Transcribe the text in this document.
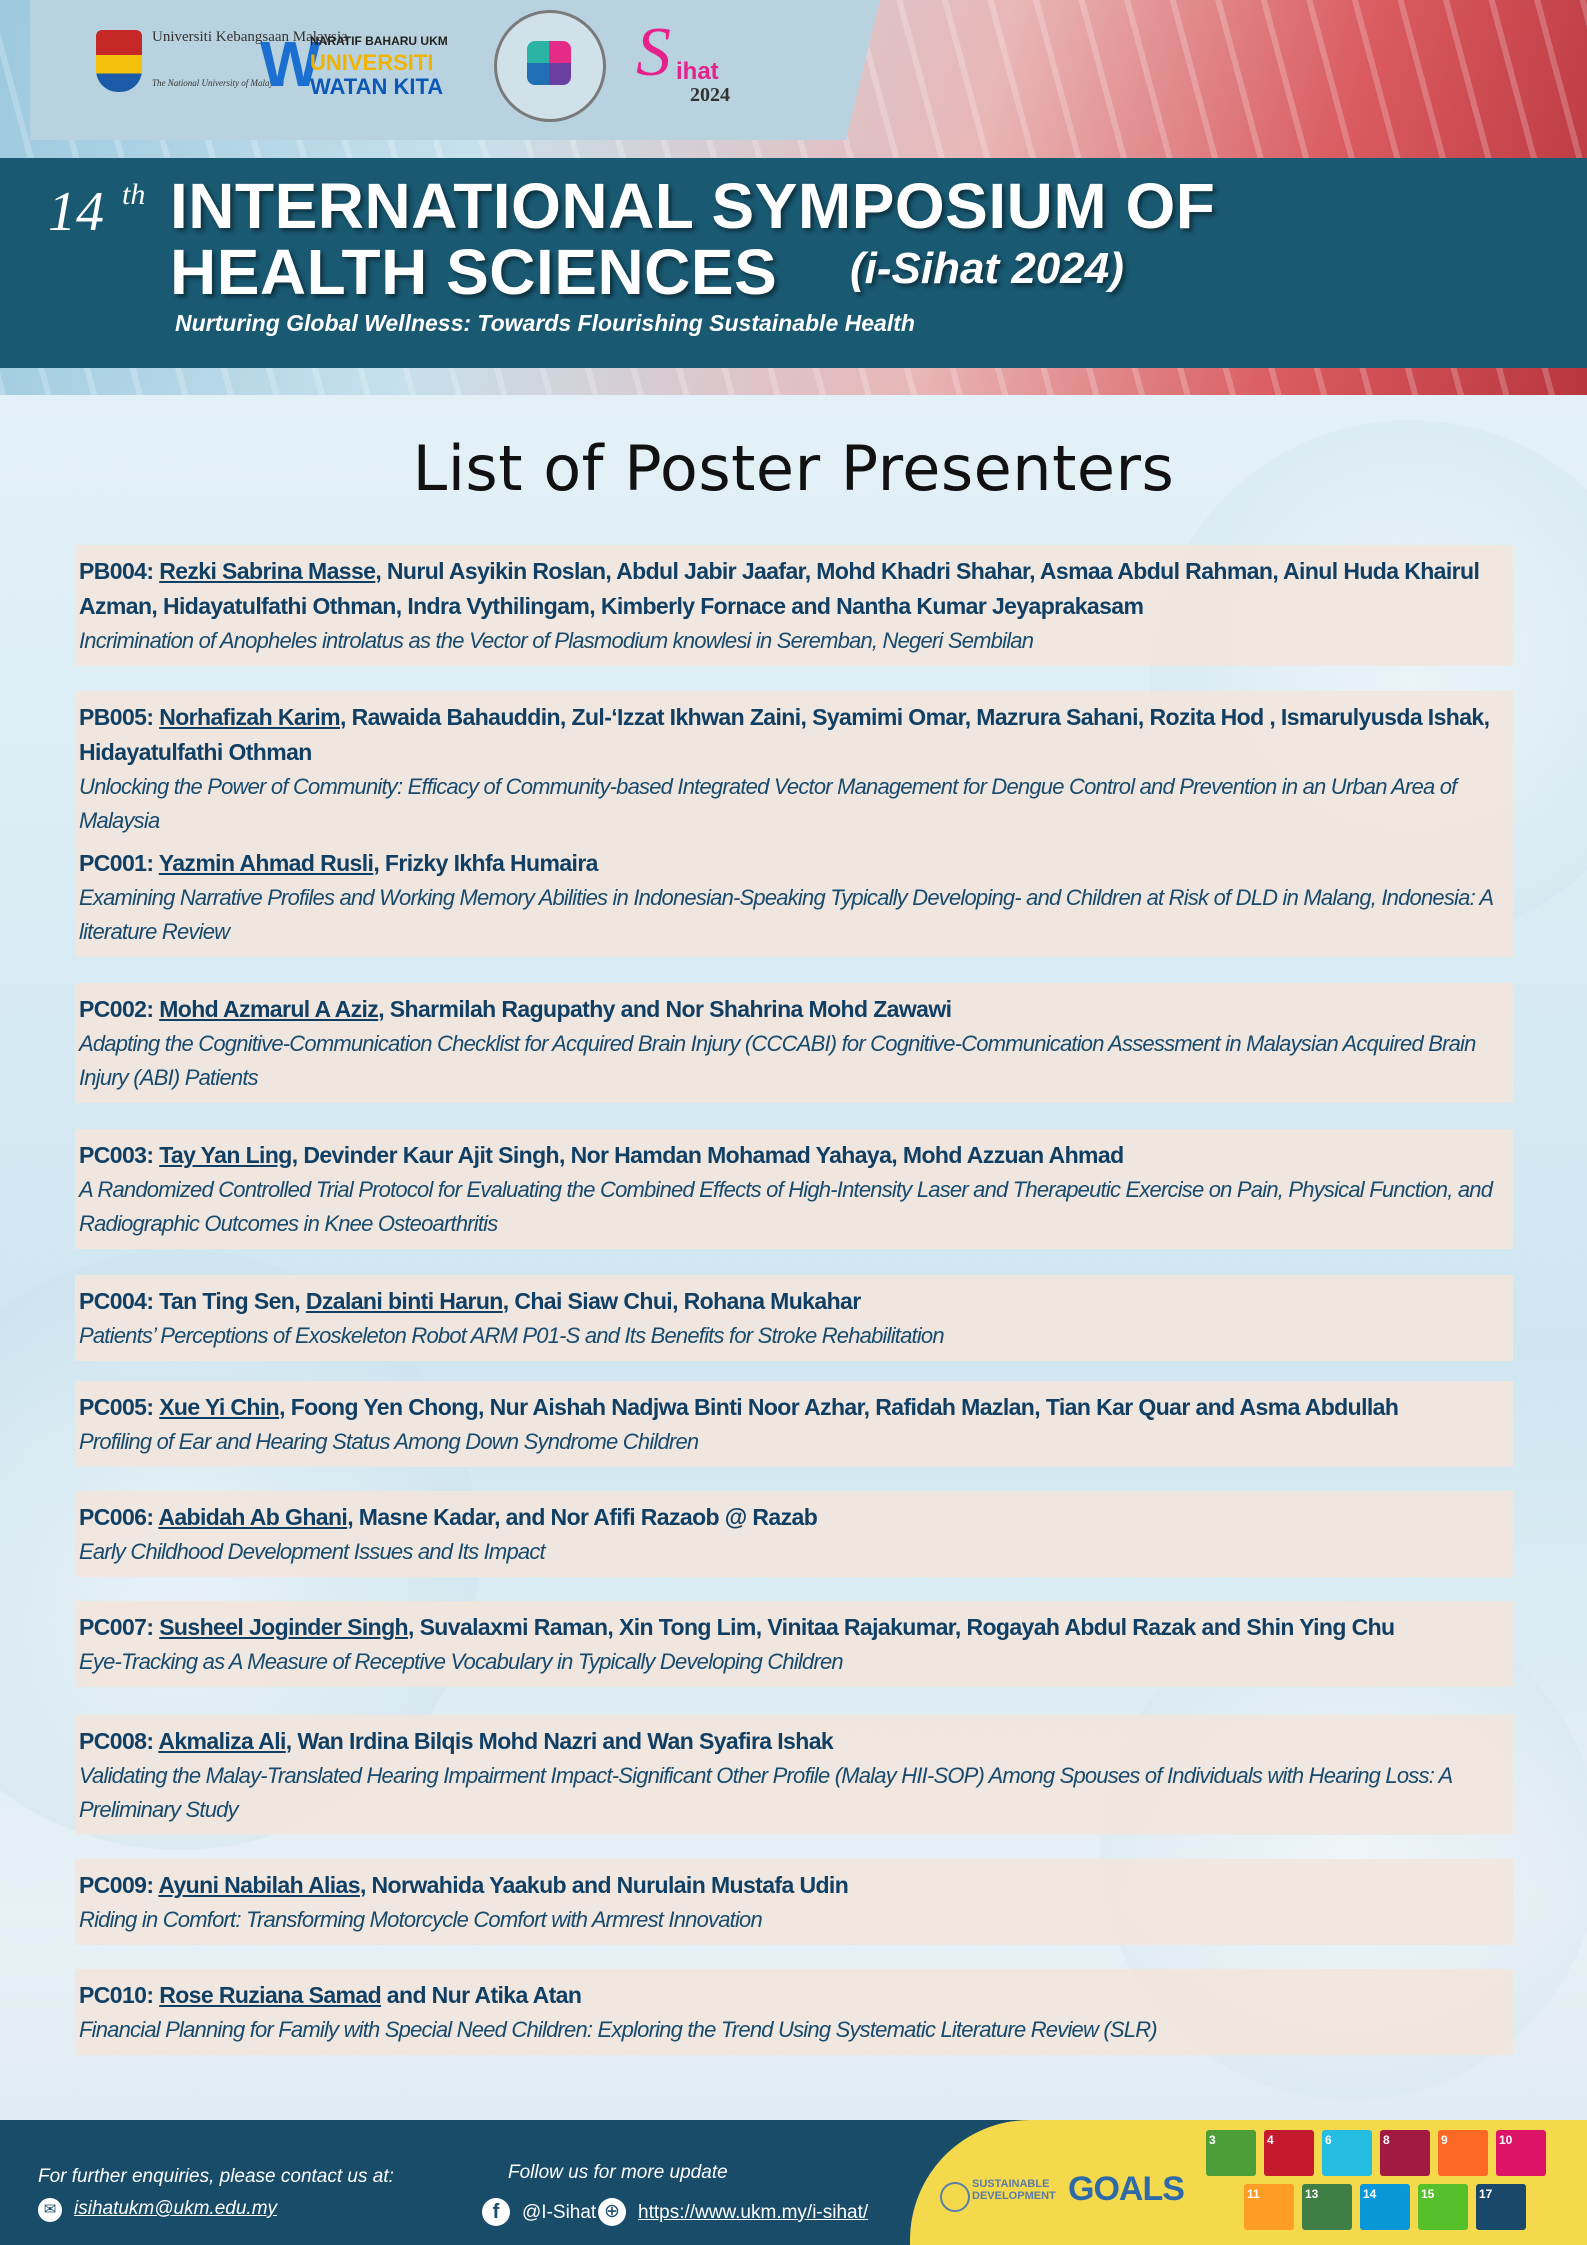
Universiti Kebangsaan Malaysia
The National University of Malaysia
W
NARATIF BAHARU UKM
UNIVERSITI
WATAN KITA	S ihat
2024
14 th INTERNATIONAL SYMPOSIUM OF
HEALTH SCIENCES (i-Sihat 2024)
Nurturing Global Wellness: Towards Flourishing Sustainable Health
List of Poster Presenters
PB004: Rezki Sabrina Masse, Nurul Asyikin Roslan, Abdul Jabir Jaafar, Mohd Khadri Shahar, Asmaa Abdul Rahman, Ainul Huda Khairul Azman, Hidayatulfathi Othman, Indra Vythilingam, Kimberly Fornace and Nantha Kumar Jeyaprakasam
Incrimination of Anopheles introlatus as the Vector of Plasmodium knowlesi in Seremban, Negeri Sembilan
PB005: Norhafizah Karim, Rawaida Bahauddin, Zul-‘Izzat Ikhwan Zaini, Syamimi Omar, Mazrura Sahani, Rozita Hod , Ismarulyusda Ishak, Hidayatulfathi Othman
Unlocking the Power of Community: Efficacy of Community-based Integrated Vector Management for Dengue Control and Prevention in an Urban Area of Malaysia
PC001: Yazmin Ahmad Rusli, Frizky Ikhfa Humaira
Examining Narrative Profiles and Working Memory Abilities in Indonesian-Speaking Typically Developing- and Children at Risk of DLD in Malang, Indonesia: A literature Review
PC002: Mohd Azmarul A Aziz, Sharmilah Ragupathy and Nor Shahrina Mohd Zawawi
Adapting the Cognitive-Communication Checklist for Acquired Brain Injury (CCCABI) for Cognitive-Communication Assessment in Malaysian Acquired Brain Injury (ABI) Patients
PC003: Tay Yan Ling, Devinder Kaur Ajit Singh, Nor Hamdan Mohamad Yahaya, Mohd Azzuan Ahmad
A Randomized Controlled Trial Protocol for Evaluating the Combined Effects of High-Intensity Laser and Therapeutic Exercise on Pain, Physical Function, and Radiographic Outcomes in Knee Osteoarthritis
PC004: Tan Ting Sen, Dzalani binti Harun, Chai Siaw Chui, Rohana Mukahar
Patients’ Perceptions of Exoskeleton Robot ARM P01-S and Its Benefits for Stroke Rehabilitation
PC005: Xue Yi Chin, Foong Yen Chong, Nur Aishah Nadjwa Binti Noor Azhar, Rafidah Mazlan, Tian Kar Quar and Asma Abdullah
Profiling of Ear and Hearing Status Among Down Syndrome Children
PC006: Aabidah Ab Ghani, Masne Kadar, and Nor Afifi Razaob @ Razab
Early Childhood Development Issues and Its Impact
PC007: Susheel Joginder Singh, Suvalaxmi Raman, Xin Tong Lim, Vinitaa Rajakumar, Rogayah Abdul Razak and Shin Ying Chu
Eye-Tracking as A Measure of Receptive Vocabulary in Typically Developing Children
PC008: Akmaliza Ali, Wan Irdina Bilqis Mohd Nazri and Wan Syafira Ishak
Validating the Malay-Translated Hearing Impairment Impact-Significant Other Profile (Malay HII-SOP) Among Spouses of Individuals with Hearing Loss: A Preliminary Study
PC009: Ayuni Nabilah Alias, Norwahida Yaakub and Nurulain Mustafa Udin
Riding in Comfort: Transforming Motorcycle Comfort with Armrest Innovation
PC010: Rose Ruziana Samad and Nur Atika Atan
Financial Planning for Family with Special Need Children: Exploring the Trend Using Systematic Literature Review (SLR)
For further enquiries, please contact us at:
✉ isihatukm@ukm.edu.my
Follow us for more update
f	@I-Sihat ⊕ https://www.ukm.my/i-sihat/
SUSTAINABLE
DEVELOPMENT GOALS
3	4	6	8	9	10
11	13	14	15	17
